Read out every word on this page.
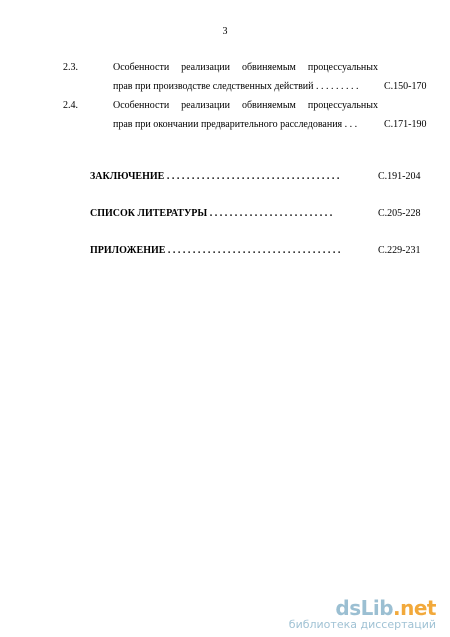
3
2.3.	Особенности реализации обвиняемым процессуальных
прав при производстве следственных действий . . . . . . . . .	С.150-170
2.4.	Особенности реализации обвиняемым процессуальных
прав при окончании предварительного расследования . . .	С.171-190
ЗАКЛЮЧЕНИЕ . . . . . . . . . . . . . . . . . . . . . . . . . . . . . . . . . . .	С.191-204
СПИСОК ЛИТЕРАТУРЫ . . . . . . . . . . . . . . . . . . . . . . . . .	С.205-228
ПРИЛОЖЕНИЕ . . . . . . . . . . . . . . . . . . . . . . . . . . . . . . . . . . .	С.229-231
dsLib.net
библиотека диссертаций
